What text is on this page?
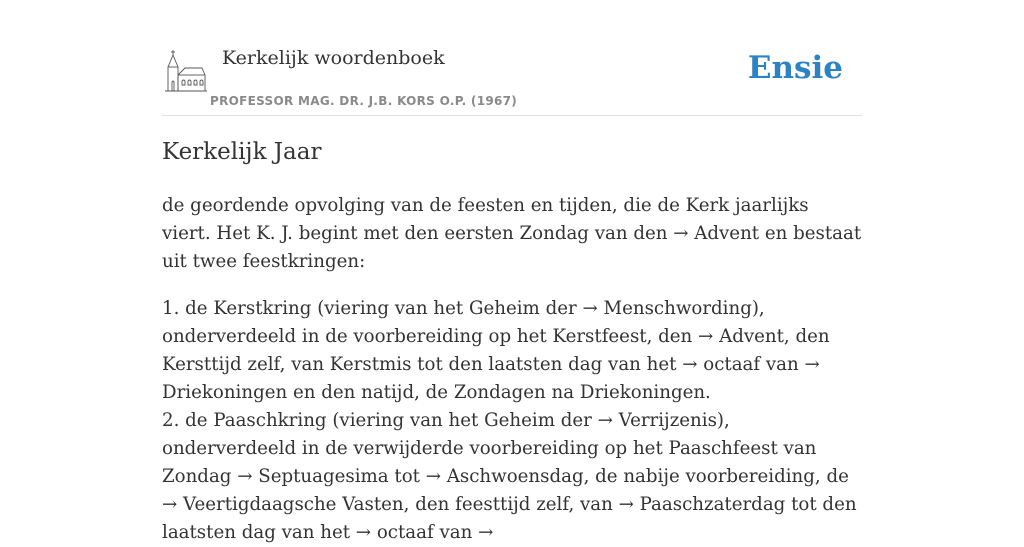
Kerkelijk woordenboek
PROFESSOR MAG. DR. J.B. KORS O.P. (1967)
Ensie
Kerkelijk Jaar

de geordende opvolging van de feesten en tijden, die de Kerk jaarlijks viert. Het K. J. begint met den eersten Zondag van den → Advent en bestaat uit twee feestkringen:

1. de Kerstkring (viering van het Geheim der → Menschwording), onderverdeeld in de voorbereiding op het Kerstfeest, den → Advent, den Kersttijd zelf, van Kerstmis tot den laatsten dag van het → octaaf van → Driekoningen en den natijd, de Zondagen na Driekoningen.

2. de Paaschkring (viering van het Geheim der → Verrijzenis), onderverdeeld in de verwijderde voorbereiding op het Paaschfeest van Zondag → Septuagesima tot → Aschwoensdag, de nabije voorbereiding, de → Veertigdaagsche Vasten, den feesttijd zelf, van → Paaschzaterdag tot den laatsten dag van het → octaaf van →
